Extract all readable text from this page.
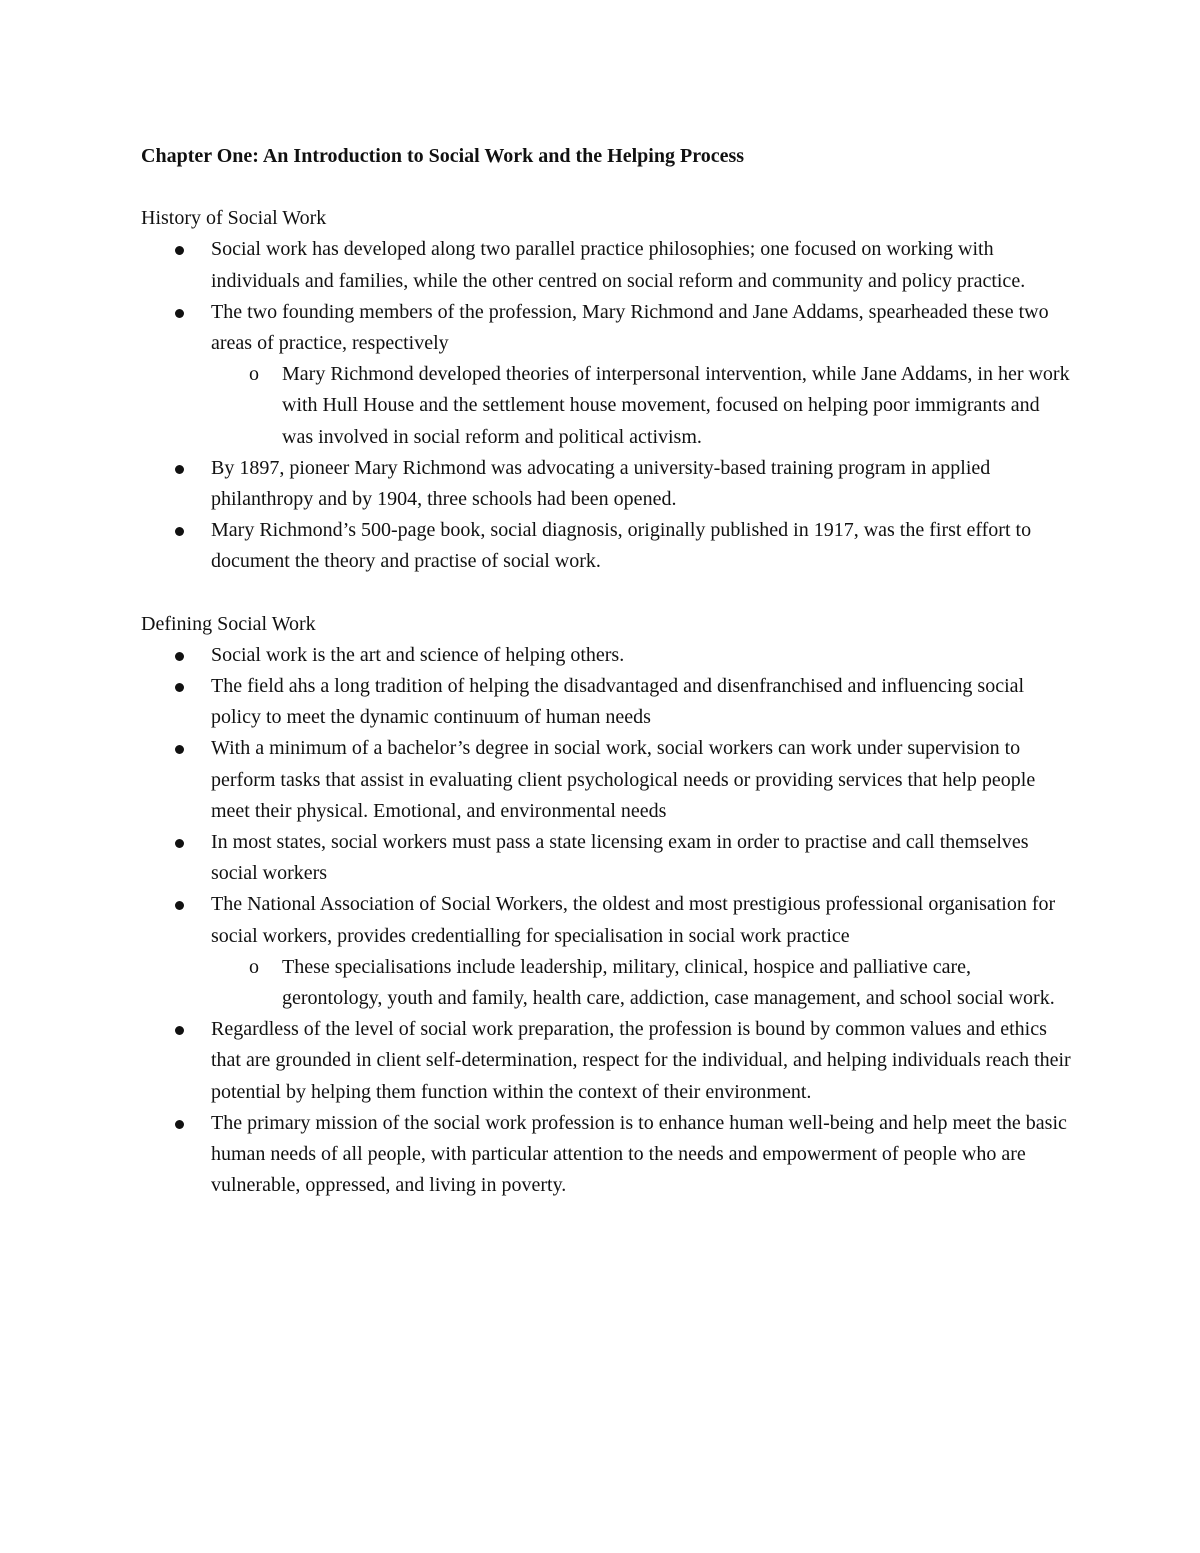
Chapter One: An Introduction to Social Work and the Helping Process
History of Social Work
Social work has developed along two parallel practice philosophies; one focused on working with individuals and families, while the other centred on social reform and community and policy practice.
The two founding members of the profession, Mary Richmond and Jane Addams, spearheaded these two areas of practice, respectively
o Mary Richmond developed theories of interpersonal intervention, while Jane Addams, in her work with Hull House and the settlement house movement, focused on helping poor immigrants and was involved in social reform and political activism.
By 1897, pioneer Mary Richmond was advocating a university-based training program in applied philanthropy and by 1904, three schools had been opened.
Mary Richmond’s 500-page book, social diagnosis, originally published in 1917, was the first effort to document the theory and practise of social work.
Defining Social Work
Social work is the art and science of helping others.
The field ahs a long tradition of helping the disadvantaged and disenfranchised and influencing social policy to meet the dynamic continuum of human needs
With a minimum of a bachelor’s degree in social work, social workers can work under supervision to perform tasks that assist in evaluating client psychological needs or providing services that help people meet their physical. Emotional, and environmental needs
In most states, social workers must pass a state licensing exam in order to practise and call themselves social workers
The National Association of Social Workers, the oldest and most prestigious professional organisation for social workers, provides credentialling for specialisation in social work practice
o These specialisations include leadership, military, clinical, hospice and palliative care, gerontology, youth and family, health care, addiction, case management, and school social work.
Regardless of the level of social work preparation, the profession is bound by common values and ethics that are grounded in client self-determination, respect for the individual, and helping individuals reach their potential by helping them function within the context of their environment.
The primary mission of the social work profession is to enhance human well-being and help meet the basic human needs of all people, with particular attention to the needs and empowerment of people who are vulnerable, oppressed, and living in poverty.
